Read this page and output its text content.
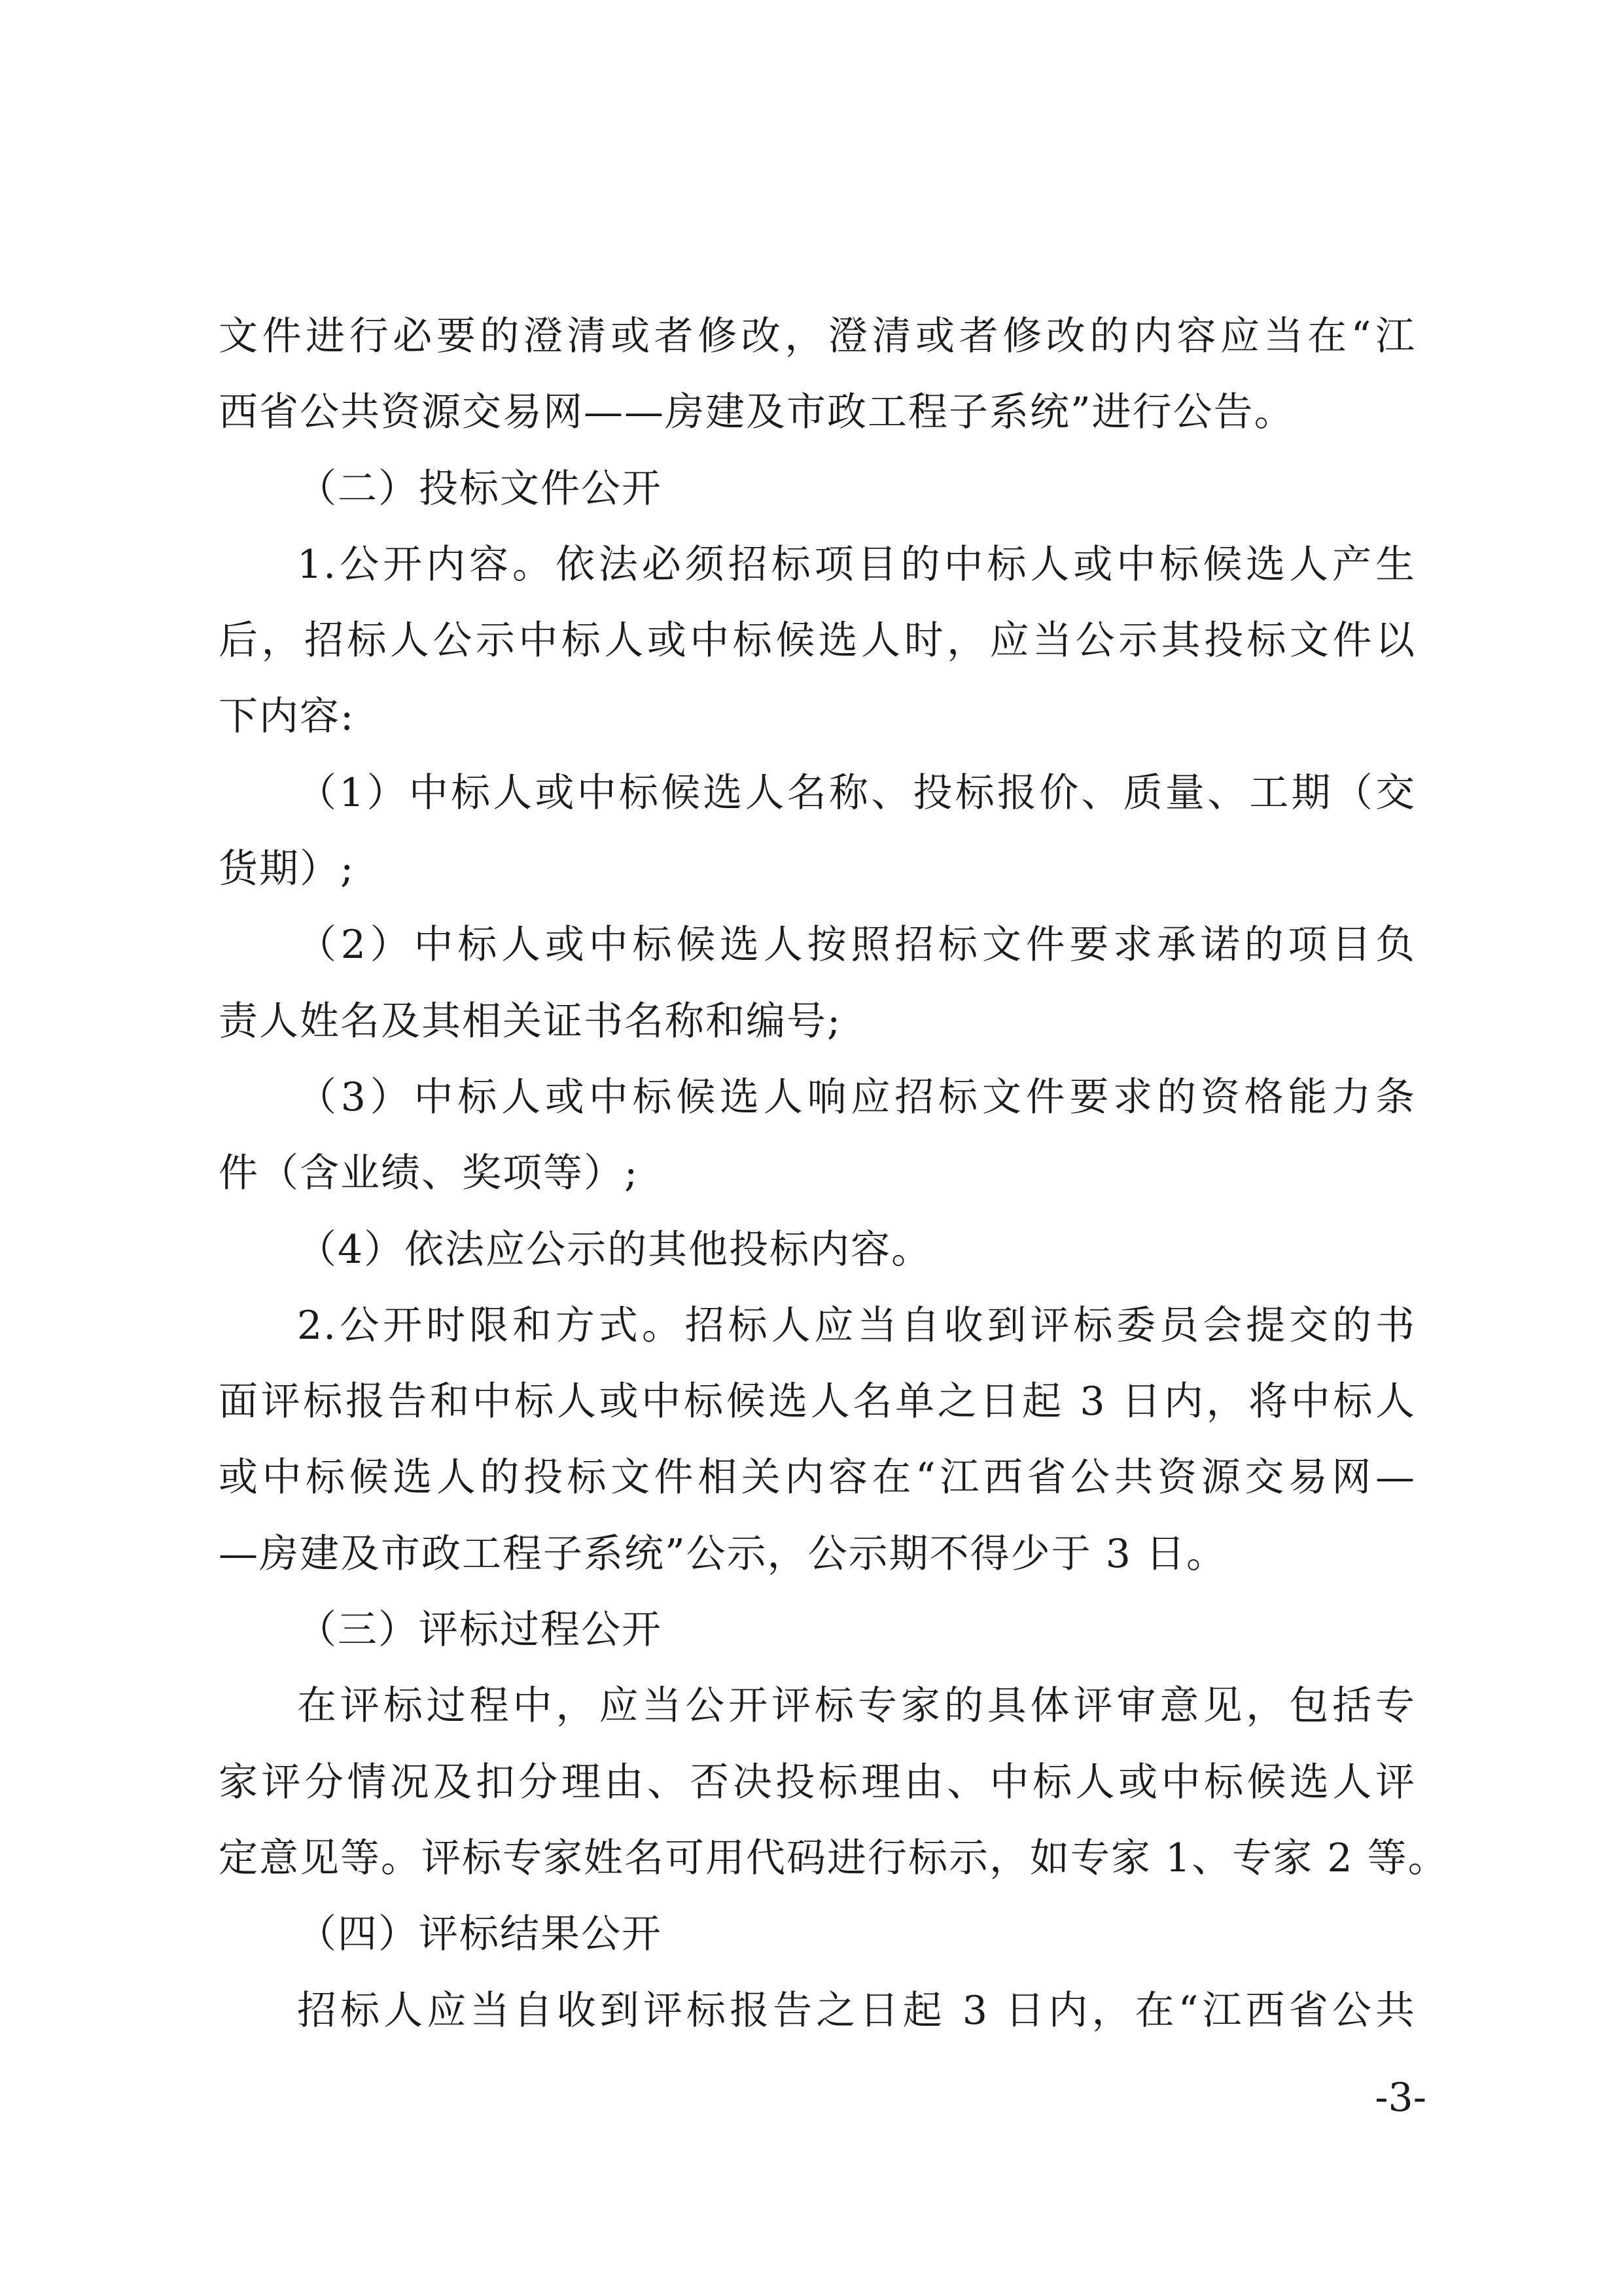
文件进行必要的澄清或者修改，澄清或者修改的内容应当在“江
西省公共资源交易网——房建及市政工程子系统”进行公告。
（二）投标文件公开
1.公开内容。依法必须招标项目的中标人或中标候选人产生
后，招标人公示中标人或中标候选人时，应当公示其投标文件以
下内容:
（1）中标人或中标候选人名称、投标报价、质量、工期（交
货期）;
（2）中标人或中标候选人按照招标文件要求承诺的项目负
责人姓名及其相关证书名称和编号;
（3）中标人或中标候选人响应招标文件要求的资格能力条
件（含业绩、奖项等）;
（4）依法应公示的其他投标内容。
2.公开时限和方式。招标人应当自收到评标委员会提交的书
面评标报告和中标人或中标候选人名单之日起 3 日内，将中标人
或中标候选人的投标文件相关内容在“江西省公共资源交易网—
—房建及市政工程子系统”公示，公示期不得少于 3 日。
（三）评标过程公开
在评标过程中，应当公开评标专家的具体评审意见，包括专
家评分情况及扣分理由、否决投标理由、中标人或中标候选人评
定意见等。评标专家姓名可用代码进行标示，如专家 1、专家 2 等。
（四）评标结果公开
招标人应当自收到评标报告之日起 3 日内，在“江西省公共
-3-
